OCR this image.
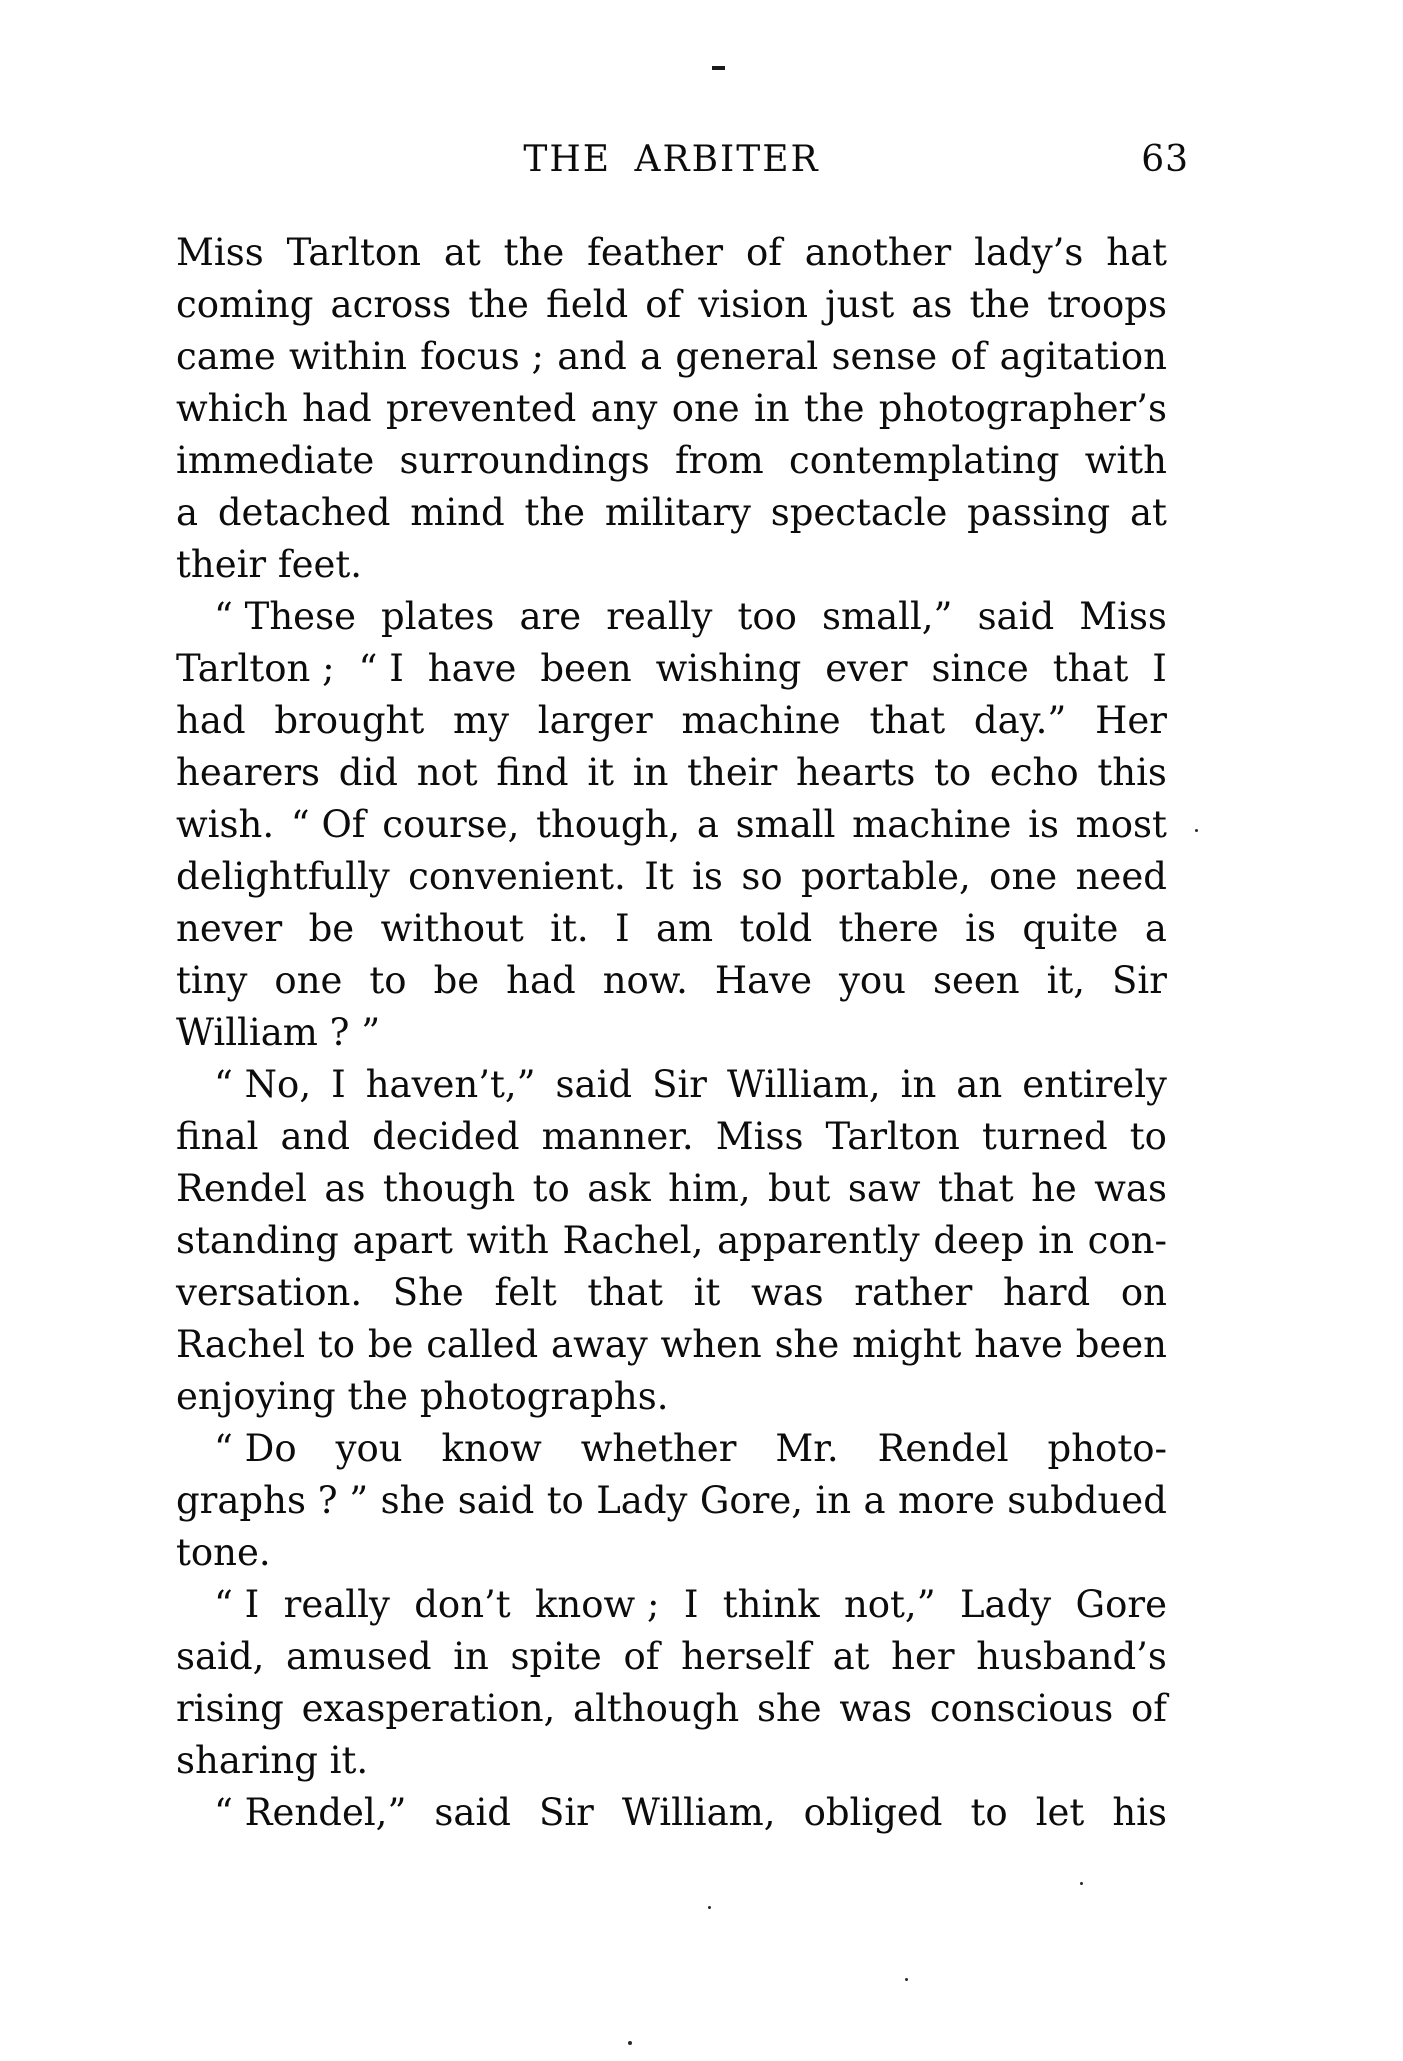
THE ARBITER	63
Miss Tarlton at the feather of another lady’s hat
coming across the field of vision just as the troops
came within focus ; and a general sense of agitation
which had prevented any one in the photographer’s
immediate surroundings from contemplating with
a detached mind the military spectacle passing at
their feet.
“ These plates are really too small,” said Miss
Tarlton ; “ I have been wishing ever since that I
had brought my larger machine that day.” Her
hearers did not find it in their hearts to echo this
wish. “ Of course, though, a small machine is most
delightfully convenient. It is so portable, one need
never be without it. I am told there is quite a
tiny one to be had now. Have you seen it, Sir
William ? ”
“ No, I haven’t,” said Sir William, in an entirely
final and decided manner. Miss Tarlton turned to
Rendel as though to ask him, but saw that he was
standing apart with Rachel, apparently deep in con-
versation. She felt that it was rather hard on
Rachel to be called away when she might have been
enjoying the photographs.
“ Do you know whether Mr. Rendel photo-
graphs ? ” she said to Lady Gore, in a more subdued
tone.
“ I really don’t know ; I think not,” Lady Gore
said, amused in spite of herself at her husband’s
rising exasperation, although she was conscious of
sharing it.
“ Rendel,” said Sir William, obliged to let his
